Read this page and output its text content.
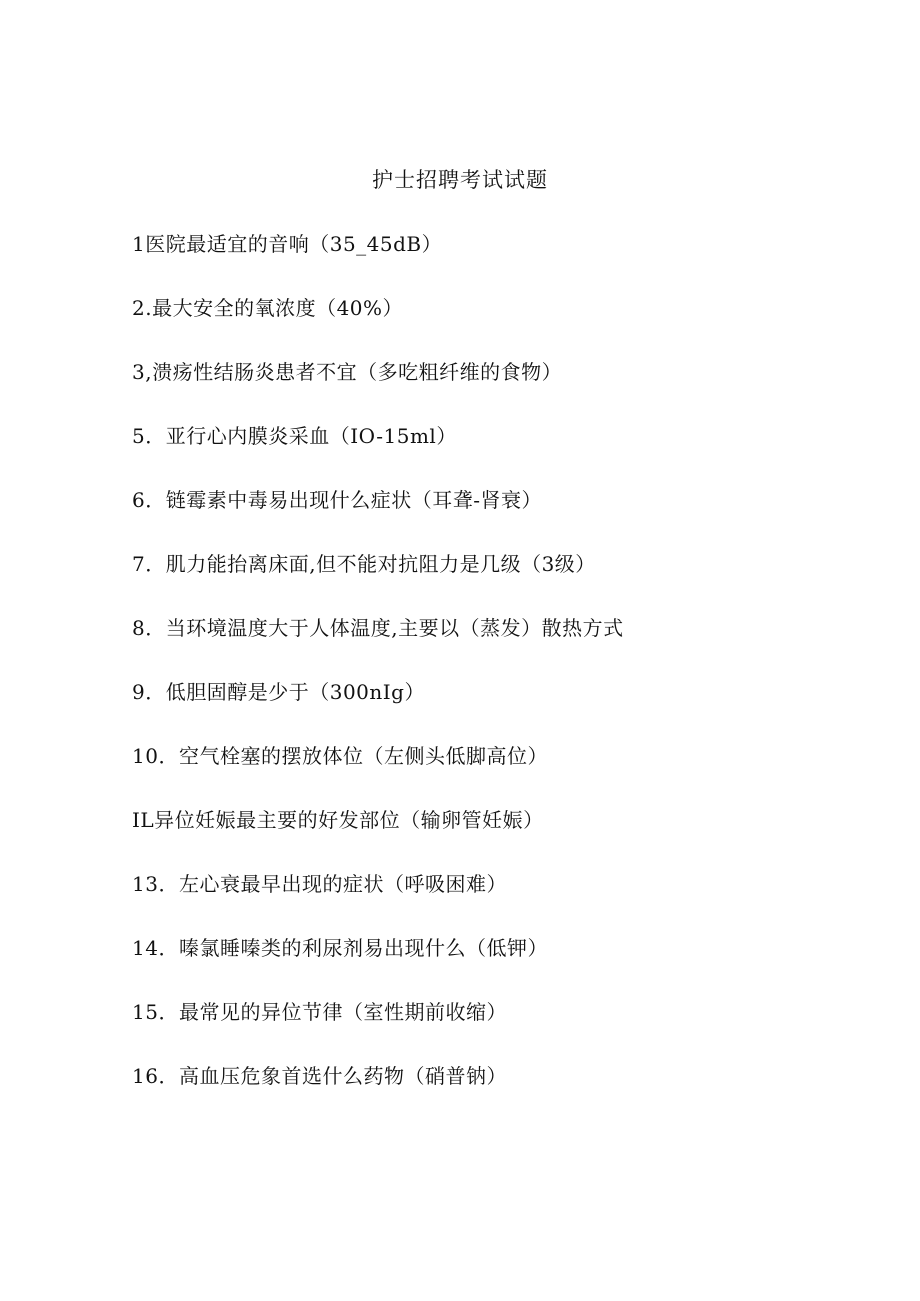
护士招聘考试试题
1医院最适宜的音响（35_45dB）
2.最大安全的氧浓度（40%）
3,溃疡性结肠炎患者不宜（多吃粗纤维的食物）
5．亚行心内膜炎采血（IO-15ml）
6．链霉素中毒易出现什么症状（耳聋-肾衰）
7．肌力能抬离床面,但不能对抗阻力是几级（3级）
8．当环境温度大于人体温度,主要以（蒸发）散热方式
9．低胆固醇是少于（300nIg）
10．空气栓塞的摆放体位（左侧头低脚高位）
IL异位妊娠最主要的好发部位（输卵管妊娠）
13．左心衰最早出现的症状（呼吸困难）
14．嗪氯睡嗪类的利尿剂易出现什么（低钾）
15．最常见的异位节律（室性期前收缩）
16．高血压危象首选什么药物（硝普钠）
